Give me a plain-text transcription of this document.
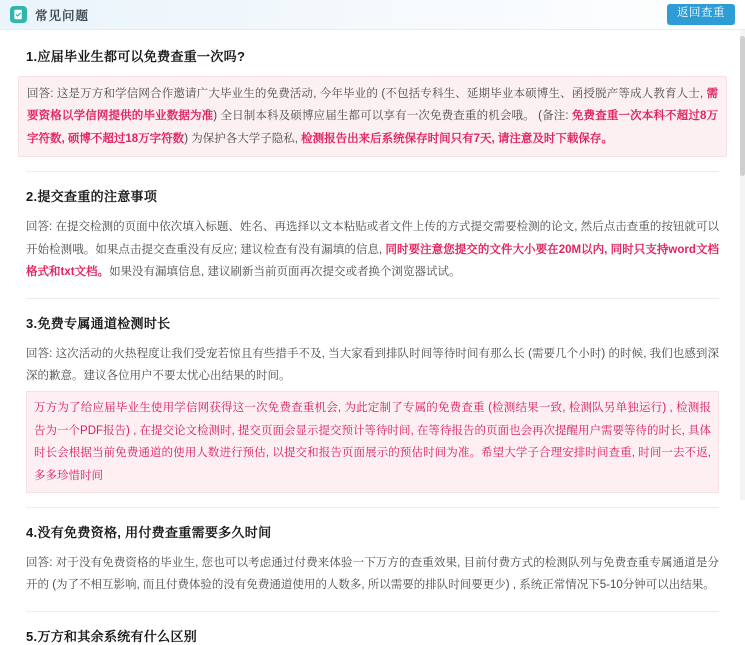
常见问题	返回查重
1.应届毕业生都可以免费查重一次吗?

回答: 这是万方和学信网合作邀请广大毕业生的免费活动, 今年毕业的 (不包括专科生、延期毕业本硕博生、函授脱产等成人教育人士, 需要资格以学信网提供的毕业数据为准) 全日制本科及硕博应届生都可以享有一次免费查重的机会哦。 (备注: 免费查重一次本科不超过8万字符数, 硕博不超过18万字符数) 为保护各大学子隐私, 检测报告出来后系统保存时间只有7天, 请注意及时下载保存。

2.提交查重的注意事项

回答: 在提交检测的页面中依次填入标题、姓名、再选择以文本粘贴或者文件上传的方式提交需要检测的论文, 然后点击查重的按钮就可以开始检测哦。如果点击提交查重没有反应; 建议检查有没有漏填的信息, 同时要注意您提交的文件大小要在20M以内, 同时只支持word文档格式和txt文档。如果没有漏填信息, 建议刷新当前页面再次提交或者换个浏览器试试。

3.免费专属通道检测时长

回答: 这次活动的火热程度让我们受宠若惊且有些措手不及, 当大家看到排队时间等待时间有那么长 (需要几个小时) 的时候, 我们也感到深深的歉意。建议各位用户不要太忧心出结果的时间。
万方为了给应届毕业生使用学信网获得这一次免费查重机会, 为此定制了专属的免费查重 (检测结果一致, 检测队另单独运行) , 检测报告为一个PDF报告) , 在提交论文检测时, 提交页面会显示提交预计等待时间, 在等待报告的页面也会再次提醒用户需要等待的时长, 具体时长会根据当前免费通道的使用人数进行预估, 以提交和报告页面展示的预估时间为准。希望大学子合理安排时间查重, 时间一去不返, 多多珍惜时间

4.没有免费资格, 用付费查重需要多久时间

回答: 对于没有免费资格的毕业生, 您也可以考虑通过付费来体验一下万方的查重效果, 目前付费方式的检测队列与免费查重专属通道是分开的 (为了不相互影响, 而且付费体验的没有免费通道使用的人数多, 所以需要的排队时间要更少) , 系统正常情况下5-10分钟可以出结果。

5.万方和其余系统有什么区别
